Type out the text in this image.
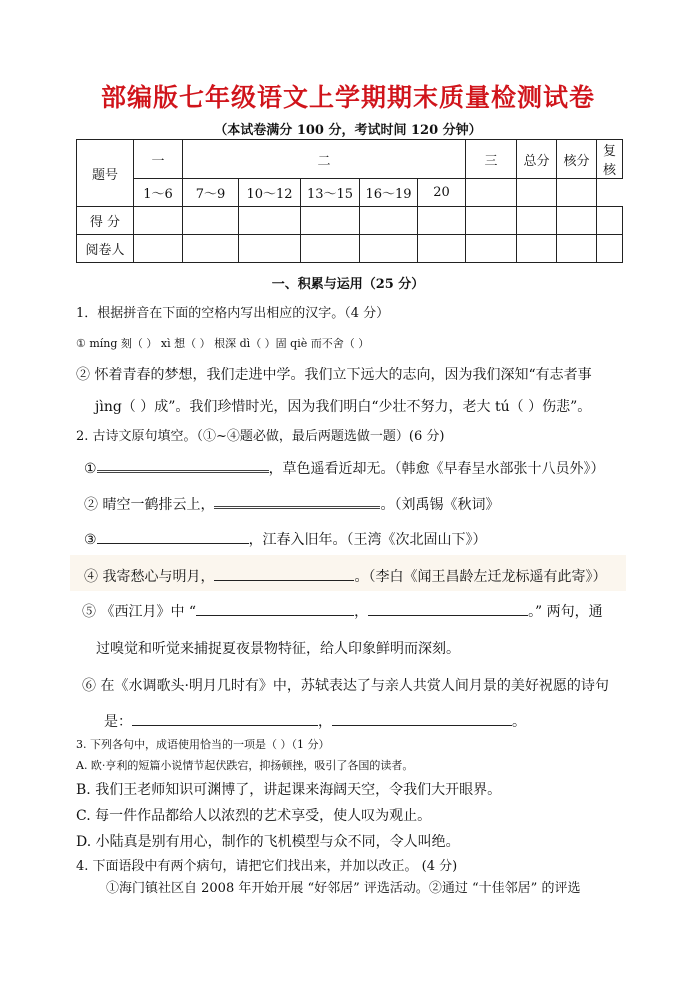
部编版七年级语文上学期期末质量检测试卷
（本试卷满分 100 分，考试时间 120 分钟）
题号	一	二					三	总分	核分	复核
	1～6	7～9	10～12	13～15	16～19	20				
得 分										
阅卷人										
一、积累与运用（25 分）
1．根据拼音在下面的空格内写出相应的汉字。（4 分）
① míng 刻（ ） xì 想（ ） 根深 dì（ ）固 qiè 而不舍（ ）
② 怀着青春的梦想，我们走进中学。我们立下远大的志向，因为我们深知“有志者事
jìng（ ）成”。我们珍惜时光，因为我们明白“少壮不努力，老大 tú（ ）伤悲”。
2. 古诗文原句填空。（①~④题必做，最后两题选做一题）(6 分)
①	，草色遥看近却无。（韩愈《早春呈水部张十八员外》）
② 晴空一鹤排云上，	。（刘禹锡《秋词》
③	，江春入旧年。（王湾《次北固山下》）
④ 我寄愁心与明月，	。（李白《闻王昌龄左迁龙标遥有此寄》）
⑤ 《西江月》中 “	，	。” 两句，通
过嗅觉和听觉来捕捉夏夜景物特征，给人印象鲜明而深刻。
⑥ 在《水调歌头·明月几时有》中，苏轼表达了与亲人共赏人间月景的美好祝愿的诗句
是：	，	。
3. 下列各句中，成语使用恰当的一项是（ ）（1 分）
A. 欧·亨利的短篇小说情节起伏跌宕，抑扬顿挫，吸引了各国的读者。
B. 我们王老师知识可渊博了，讲起课来海阔天空，令我们大开眼界。
C. 每一件作品都给人以浓烈的艺术享受，使人叹为观止。
D. 小陆真是别有用心，制作的飞机模型与众不同，令人叫绝。
4. 下面语段中有两个病句，请把它们找出来，并加以改正。 (4 分)
①海门镇社区自 2008 年开始开展 “好邻居” 评选活动。②通过 “十佳邻居” 的评选
